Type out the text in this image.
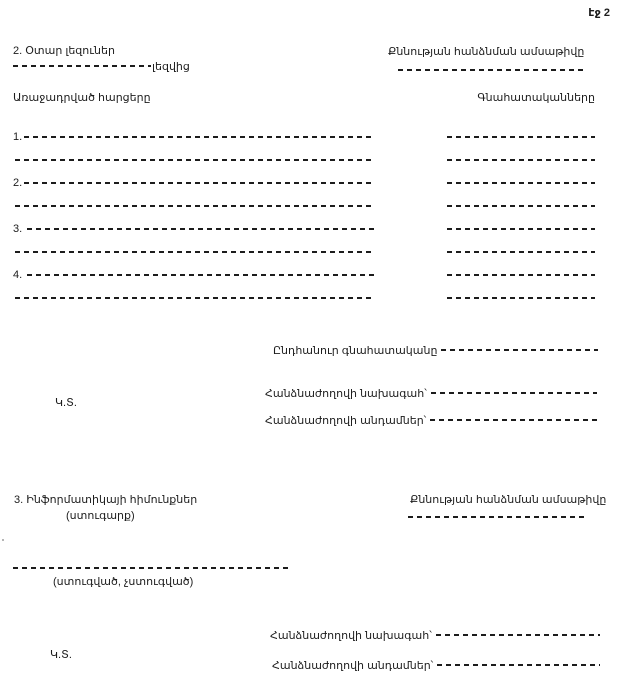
էջ 2
2. Օտար լեզուներ
լեզվից
Քննության հանձնման ամսաթիվը
Առաջադրված հարցերը	Գնահատականները
1.
2.
3.
4.
Ընդհանուր գնահատականը
Կ.Տ.
Հանձնաժողովի նախագահ՝
Հանձնաժողովի անդամներ՝
3. Ինֆորմատիկայի հիմունքներ
(ստուգարք)
Քննության հանձնման ամսաթիվը
(ստուգված, չստուգված)
Հանձնաժողովի նախագահ՝
Կ.Տ.
Հանձնաժողովի անդամներ՝
